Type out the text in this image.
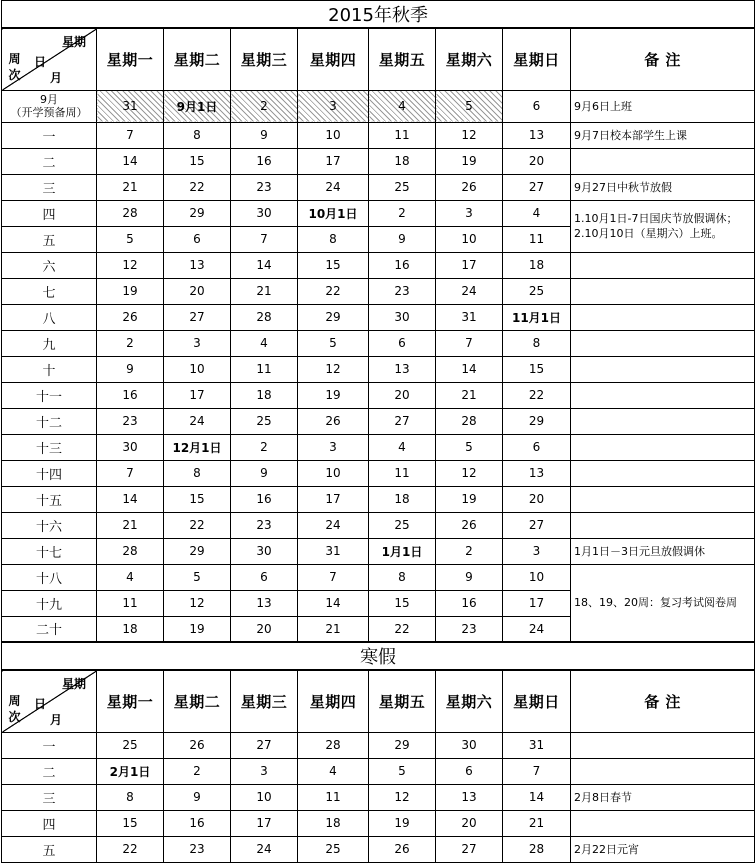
2015年秋季								

星期
日
周次 月	星期一	星期二	星期三	星期四	星期五	星期六	星期日	备 注

9月
（开学预备周）	31	9月1日	2	3	4	5	6	9月6日上班
一	7	8	9	10	11	12	13	9月7日校本部学生上课
二	14	15	16	17	18	19	20	
三	21	22	23	24	25	26	27	9月27日中秋节放假
四	28	29	30	10月1日	2	3	4	1.10月1日-7日国庆节放假调休；2.10月10日（星期六）上班。
五	5	6	7	8	9	10	11	
六	12	13	14	15	16	17	18	
七	19	20	21	22	23	24	25	
八	26	27	28	29	30	31	11月1日	
九	2	3	4	5	6	7	8	
十	9	10	11	12	13	14	15	
十一	16	17	18	19	20	21	22	
十二	23	24	25	26	27	28	29	
十三	30	12月1日	2	3	4	5	6	
十四	7	8	9	10	11	12	13	
十五	14	15	16	17	18	19	20	
十六	21	22	23	24	25	26	27	
十七	28	29	30	31	1月1日	2	3	1月1日－3日元旦放假调休
十八	4	5	6	7	8	9	10	18、19、20周：复习考试阅卷周
十九	11	12	13	14	15	16	17	
二十	18	19	20	21	22	23	24	
寒假								

星期
日
周次 月	星期一	星期二	星期三	星期四	星期五	星期六	星期日	备 注
一	25	26	27	28	29	30	31	
二	2月1日	2	3	4	5	6	7	
三	8	9	10	11	12	13	14	2月8日春节
四	15	16	17	18	19	20	21	
五	22	23	24	25	26	27	28	2月22日元宵
